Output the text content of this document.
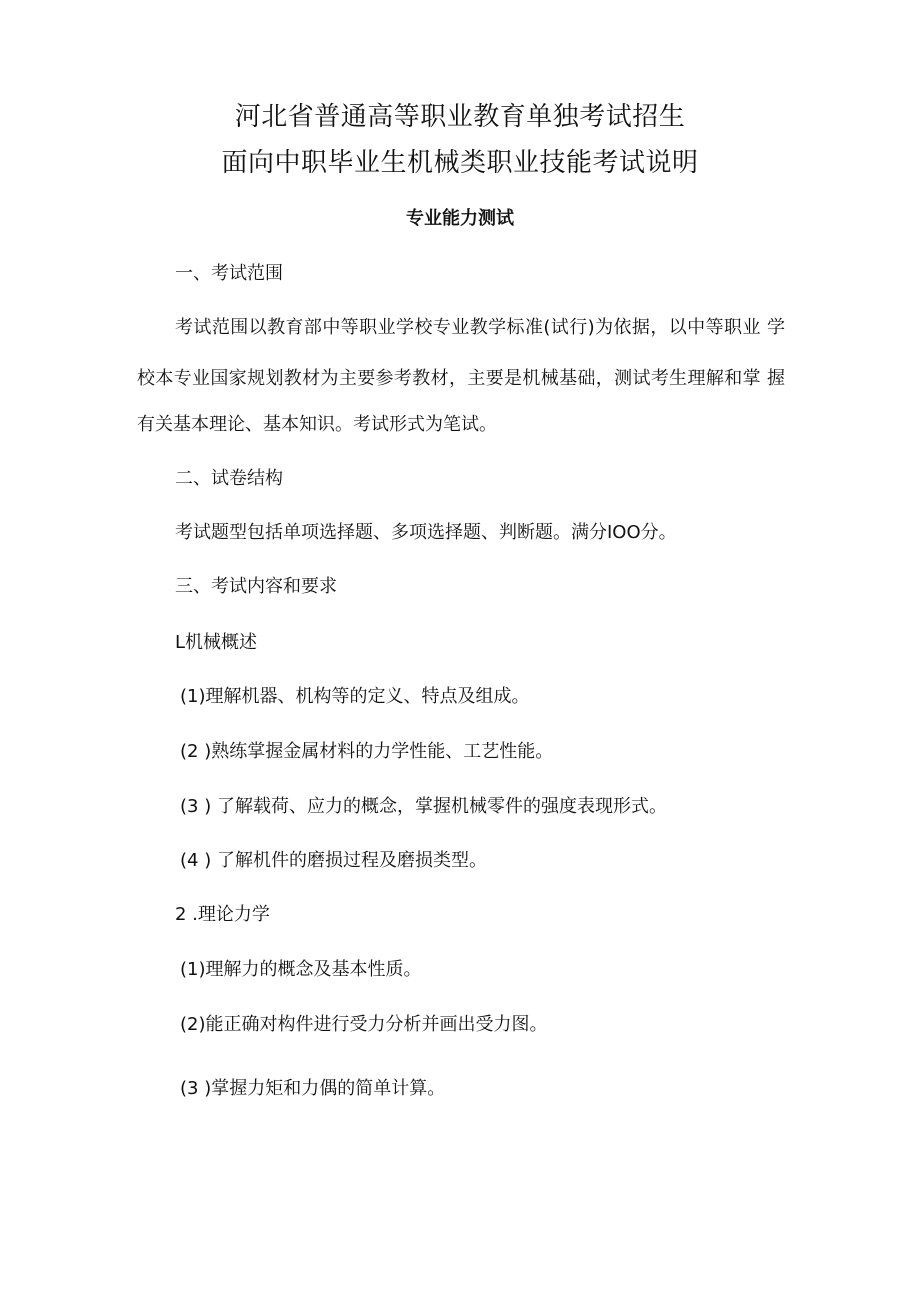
河北省普通高等职业教育单独考试招生
面向中职毕业生机械类职业技能考试说明
专业能力测试
一、考试范围
考试范围以教育部中等职业学校专业教学标准(试行)为依据，以中等职业 学
校本专业国家规划教材为主要参考教材，主要是机械基础，测试考生理解和掌 握
有关基本理论、基本知识。考试形式为笔试。
二、试卷结构
考试题型包括单项选择题、多项选择题、判断题。满分IOO分。
三、考试内容和要求
L机械概述
(1)理解机器、机构等的定义、特点及组成。
(2 )熟练掌握金属材料的力学性能、工艺性能。
(3 ) 了解载荷、应力的概念，掌握机械零件的强度表现形式。
(4 ) 了解机件的磨损过程及磨损类型。
2 .理论力学
(1)理解力的概念及基本性质。
(2)能正确对构件进行受力分析并画出受力图。
(3 )掌握力矩和力偶的简单计算。
